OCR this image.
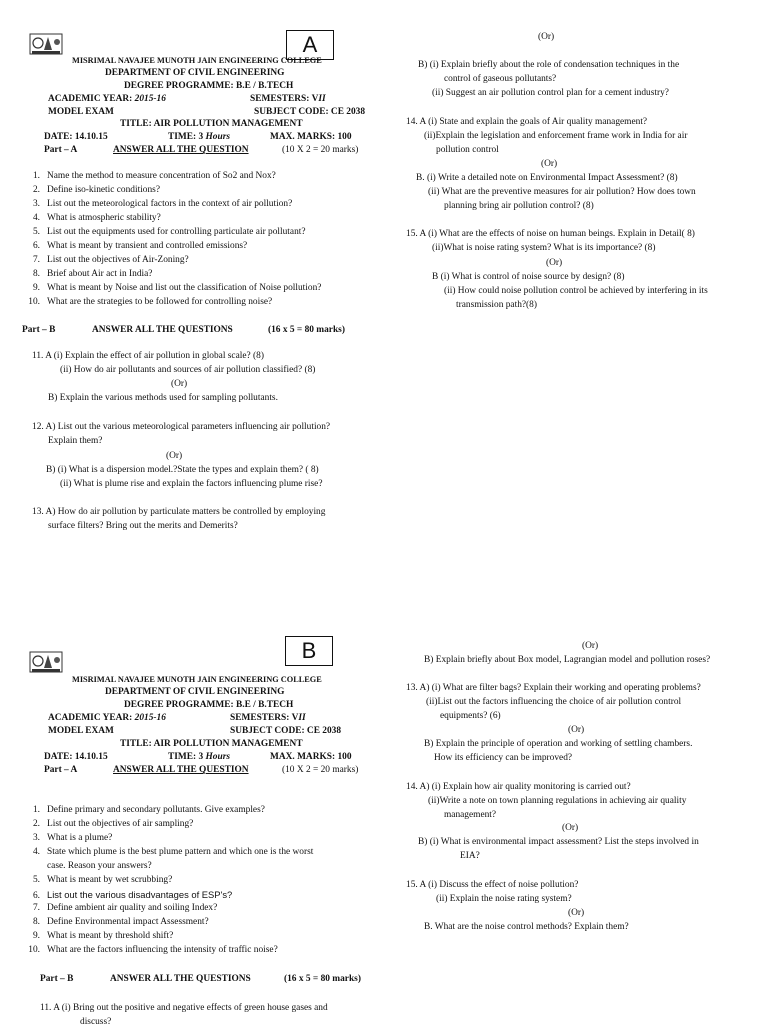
A
MISRIMAL NAVAJEE MUNOTH JAIN ENGINEERING COLLEGE
DEPARTMENT OF CIVIL ENGINEERING
DEGREE PROGRAMME: B.E / B.TECH
ACADEMIC YEAR: 2015-16	SEMESTERS: VII
MODEL EXAM	SUBJECT CODE: CE 2038
TITLE: AIR POLLUTION MANAGEMENT
DATE: 14.10.15	TIME: 3 Hours	MAX. MARKS: 100
Part – A	ANSWER ALL THE QUESTION	(10 X 2 = 20 marks)
1. Name the method to measure concentration of So2 and Nox?
2. Define iso-kinetic conditions?
3. List out the meteorological factors in the context of air pollution?
4. What is atmospheric stability?
5. List out the equipments used for controlling particulate air pollutant?
6. What is meant by transient and controlled emissions?
7. List out the objectives of Air-Zoning?
8. Brief about Air act in India?
9. What is meant by Noise and list out the classification of Noise pollution?
10. What are the strategies to be followed for controlling noise?
Part – B	ANSWER ALL THE QUESTIONS	(16 x 5 = 80 marks)
11. A (i) Explain the effect of air pollution in global scale? (8)
(ii) How do air pollutants and sources of air pollution classified? (8)
(Or)
B) Explain the various methods used for sampling pollutants.
12. A) List out the various meteorological parameters influencing air pollution?
Explain them?
(Or)
B) (i) What is a dispersion model.?State the types and explain them? ( 8)
(ii) What is plume rise and explain the factors influencing plume rise?
13. A) How do air pollution by particulate matters be controlled by employing
surface filters? Bring out the merits and Demerits?
(Or)
B) (i) Explain briefly about the role of condensation techniques in the
control of gaseous pollutants?
(ii) Suggest an air pollution control plan for a cement industry?
14. A (i) State and explain the goals of Air quality management?
(ii)Explain the legislation and enforcement frame work in India for air
pollution control
(Or)
B. (i) Write a detailed note on Environmental Impact Assessment? (8)
(ii) What are the preventive measures for air pollution? How does town
planning bring air pollution control? (8)
15. A (i) What are the effects of noise on human beings. Explain in Detail( 8)
(ii)What is noise rating system? What is its importance? (8)
(Or)
B (i) What is control of noise source by design? (8)
(ii) How could noise pollution control be achieved by interfering in its
transmission path?(8)
B
MISRIMAL NAVAJEE MUNOTH JAIN ENGINEERING COLLEGE
DEPARTMENT OF CIVIL ENGINEERING
DEGREE PROGRAMME: B.E / B.TECH
ACADEMIC YEAR: 2015-16	SEMESTERS: VII
MODEL EXAM	SUBJECT CODE: CE 2038
TITLE: AIR POLLUTION MANAGEMENT
DATE: 14.10.15	TIME: 3 Hours	MAX. MARKS: 100
Part – A	ANSWER ALL THE QUESTION	(10 X 2 = 20 marks)
1. Define primary and secondary pollutants. Give examples?
2. List out the objectives of air sampling?
3. What is a plume?
4. State which plume is the best plume pattern and which one is the worst
case. Reason your answers?
5. What is meant by wet scrubbing?
6. List out the various disadvantages of ESP's?
7. Define ambient air quality and soiling Index?
8. Define Environmental impact Assessment?
9. What is meant by threshold shift?
10. What are the factors influencing the intensity of traffic noise?
Part – B	ANSWER ALL THE QUESTIONS	(16 x 5 = 80 marks)
11. A (i) Bring out the positive and negative effects of green house gases and
discuss?
(Or)
B) Explain briefly about Box model, Lagrangian model and pollution roses?
13. A) (i) What are filter bags? Explain their working and operating problems?
(ii)List out the factors influencing the choice of air pollution control
equipments? (6)
(Or)
B) Explain the principle of operation and working of settling chambers.
How its efficiency can be improved?
14. A) (i) Explain how air quality monitoring is carried out?
(ii)Write a note on town planning regulations in achieving air quality
management?
(Or)
B) (i) What is environmental impact assessment? List the steps involved in
EIA?
15. A (i) Discuss the effect of noise pollution?
(ii) Explain the noise rating system?
(Or)
B. What are the noise control methods? Explain them?
